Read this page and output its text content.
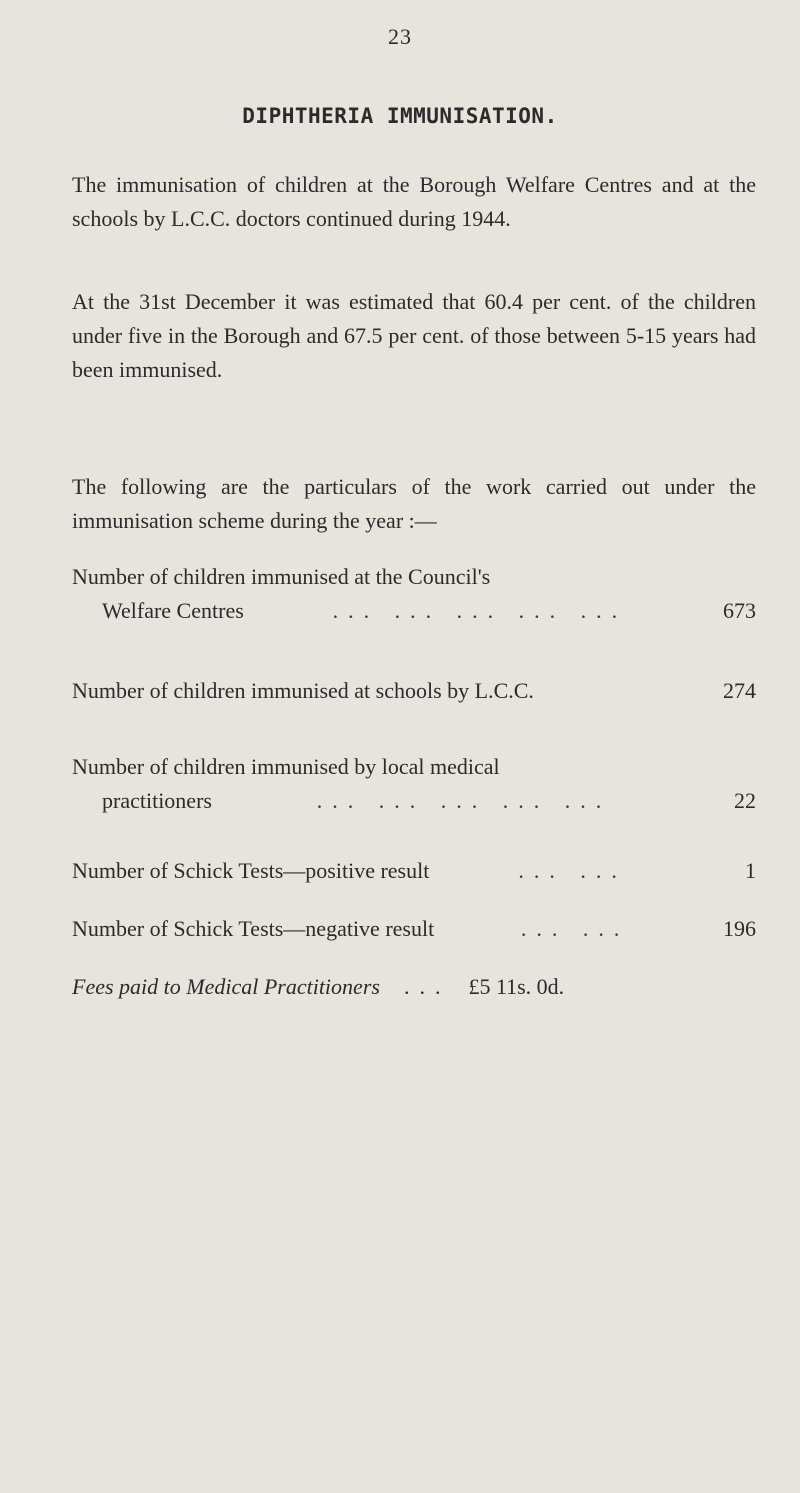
23
DIPHTHERIA IMMUNISATION.

The immunisation of children at the Borough Welfare Centres and at the schools by L.C.C. doctors continued during 1944.

At the 31st December it was estimated that 60.4 per cent. of the children under five in the Borough and 67.5 per cent. of those between 5-15 years had been immunised.

The following are the particulars of the work carried out under the immunisation scheme during the year :—

Number of children immunised at the Council's
Welfare Centres	... ... ... ... ...	673
Number of children immunised at schools by L.C.C.	274
Number of children immunised by local medical
practitioners	... ... ... ... ...	22
Number of Schick Tests—positive result	... ...	1
Number of Schick Tests—negative result	... ...	196
Fees paid to Medical Practitioners	... £5 11s. 0d.
